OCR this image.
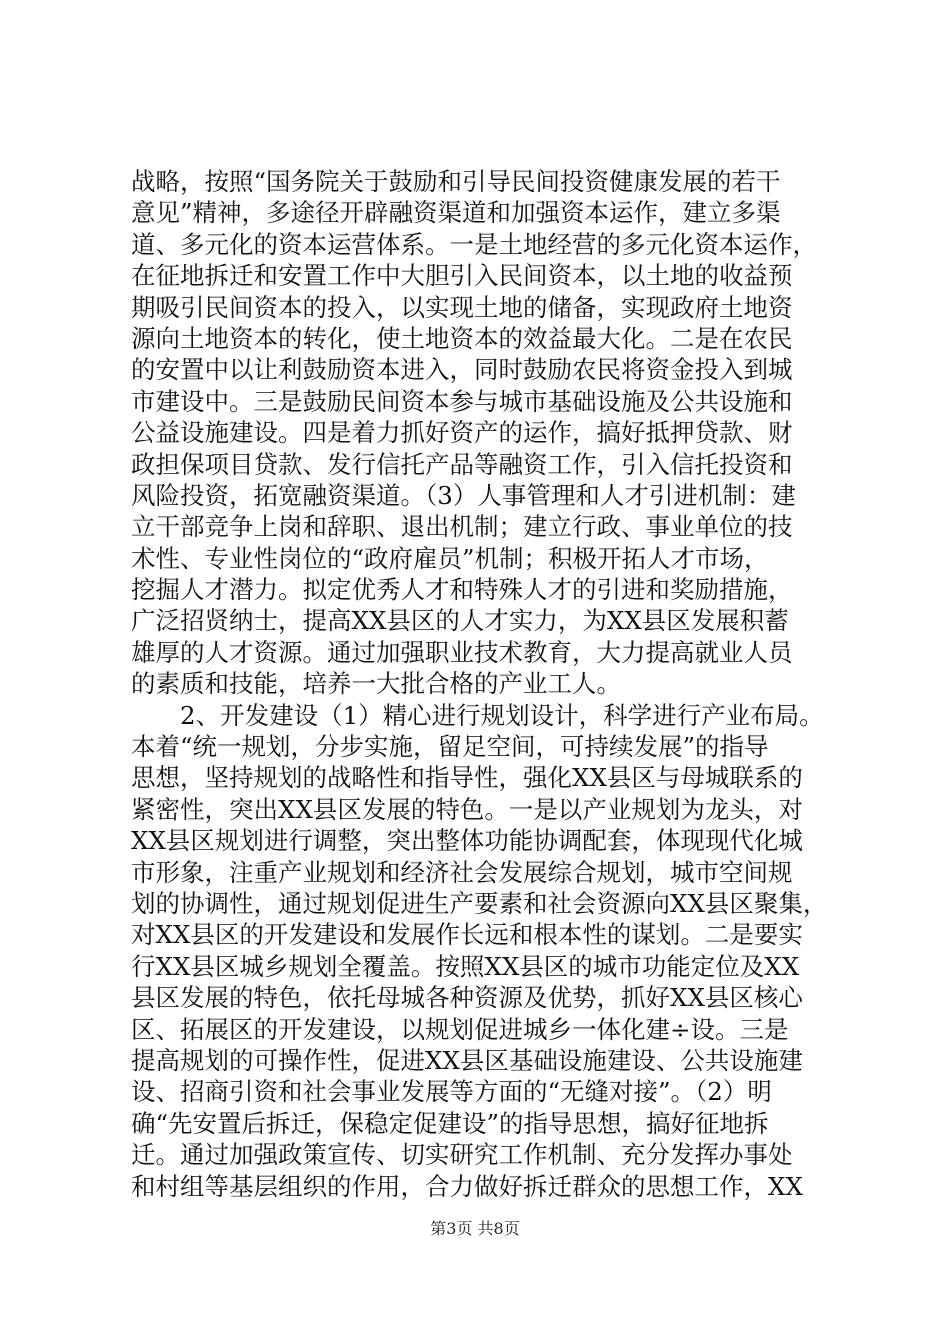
战略，按照“国务院关于鼓励和引导民间投资健康发展的若干
意见”精神，多途径开辟融资渠道和加强资本运作，建立多渠
道、多元化的资本运营体系。一是土地经营的多元化资本运作，
在征地拆迁和安置工作中大胆引入民间资本，以土地的收益预
期吸引民间资本的投入，以实现土地的储备，实现政府土地资
源向土地资本的转化，使土地资本的效益最大化。二是在农民
的安置中以让利鼓励资本进入，同时鼓励农民将资金投入到城
市建设中。三是鼓励民间资本参与城市基础设施及公共设施和
公益设施建设。四是着力抓好资产的运作，搞好抵押贷款、财
政担保项目贷款、发行信托产品等融资工作，引入信托投资和
风险投资，拓宽融资渠道。（3）人事管理和人才引进机制：建
立干部竞争上岗和辞职、退出机制；建立行政、事业单位的技
术性、专业性岗位的“政府雇员”机制；积极开拓人才市场，
挖掘人才潜力。拟定优秀人才和特殊人才的引进和奖励措施，
广泛招贤纳士，提高XX县区的人才实力，为XX县区发展积蓄
雄厚的人才资源。通过加强职业技术教育，大力提高就业人员
的素质和技能，培养一大批合格的产业工人。
2、开发建设（1）精心进行规划设计，科学进行产业布局。
本着“统一规划，分步实施，留足空间，可持续发展”的指导
思想，坚持规划的战略性和指导性，强化XX县区与母城联系的
紧密性，突出XX县区发展的特色。一是以产业规划为龙头，对
XX县区规划进行调整，突出整体功能协调配套，体现现代化城
市形象，注重产业规划和经济社会发展综合规划，城市空间规
划的协调性，通过规划促进生产要素和社会资源向XX县区聚集，
对XX县区的开发建设和发展作长远和根本性的谋划。二是要实
行XX县区城乡规划全覆盖。按照XX县区的城市功能定位及XX
县区发展的特色，依托母城各种资源及优势，抓好XX县区核心
区、拓展区的开发建设，以规划促进城乡一体化建÷设。三是
提高规划的可操作性，促进XX县区基础设施建设、公共设施建
设、招商引资和社会事业发展等方面的“无缝对接”。（2）明
确“先安置后拆迁，保稳定促建设”的指导思想，搞好征地拆
迁。通过加强政策宣传、切实研究工作机制、充分发挥办事处
和村组等基层组织的作用，合力做好拆迁群众的思想工作，XX
第3页 共8页
